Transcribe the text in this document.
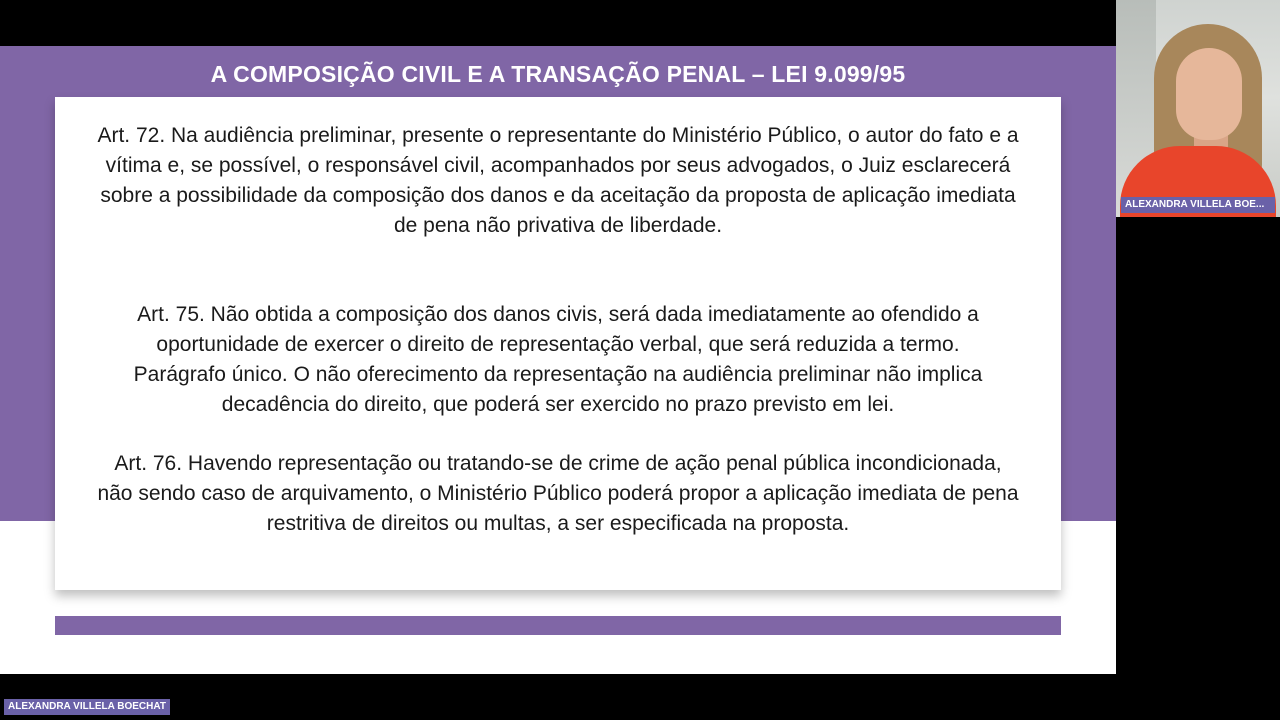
A COMPOSIÇÃO CIVIL E A TRANSAÇÃO PENAL – LEI 9.099/95

Art. 72. Na audiência preliminar, presente o representante do Ministério Público, o autor do fato e a vítima e, se possível, o responsável civil, acompanhados por seus advogados, o Juiz esclarecerá sobre a possibilidade da composição dos danos e da aceitação da proposta de aplicação imediata de pena não privativa de liberdade.

Art. 75. Não obtida a composição dos danos civis, será dada imediatamente ao ofendido a oportunidade de exercer o direito de representação verbal, que será reduzida a termo.

Parágrafo único. O não oferecimento da representação na audiência preliminar não implica decadência do direito, que poderá ser exercido no prazo previsto em lei.

Art. 76. Havendo representação ou tratando-se de crime de ação penal pública incondicionada, não sendo caso de arquivamento, o Ministério Público poderá propor a aplicação imediata de pena restritiva de direitos ou multas, a ser especificada na proposta.

ALEXANDRA VILLELA BOE...
ALEXANDRA VILLELA BOECHAT
